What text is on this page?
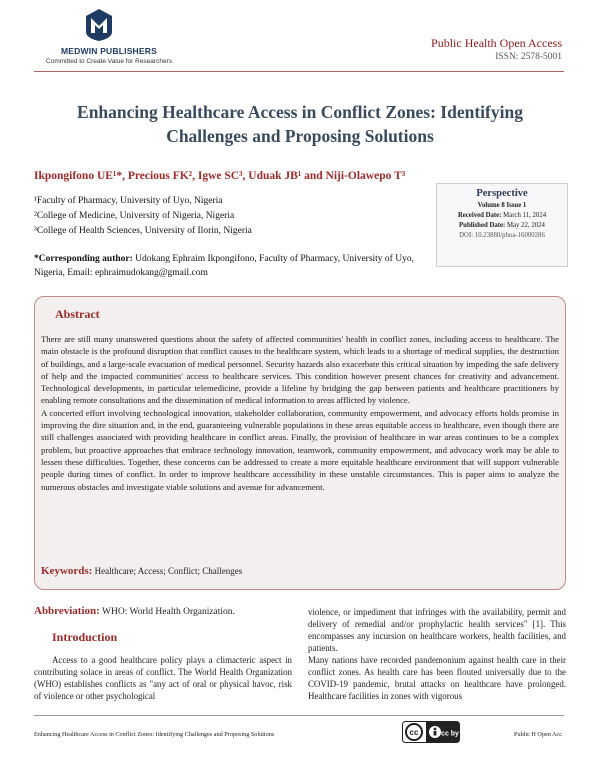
MEDWIN PUBLISHERS
Committed to Create Value for Researchers
Public Health Open Access
ISSN: 2578-5001
Enhancing Healthcare Access in Conflict Zones: Identifying
Challenges and Proposing Solutions
Ikpongifono UE¹*, Precious FK², Igwe SC³, Uduak JB¹ and Niji-Olawepo T³
¹Faculty of Pharmacy, University of Uyo, Nigeria
²College of Medicine, University of Nigeria, Nigeria
³College of Health Sciences, University of Ilorin, Nigeria
*Corresponding author: Udokang Ephraim Ikpongifono, Faculty of Pharmacy, University of Uyo, Nigeria, Email: ephraimudokang@gmail.com
Perspective
Volume 8 Issue 1
Received Date: March 11, 2024
Published Date: May 22, 2024
DOI: 10.23880/phoa-16000286
Abstract

There are still many unanswered questions about the safety of affected communities' health in conflict zones, including access to healthcare. The main obstacle is the profound disruption that conflict causes to the healthcare system, which leads to a shortage of medical supplies, the destruction of buildings, and a large-scale evacuation of medical personnel. Security hazards also exacerbate this critical situation by impeding the safe delivery of help and the impacted communities' access to healthcare services. This condition however present chances for creativity and advancement. Technological developments, in particular telemedicine, provide a lifeline by bridging the gap between patients and healthcare practitioners by enabling remote consultations and the dissemination of medical information to areas afflicted by violence.

A concerted effort involving technological innovation, stakeholder collaboration, community empowerment, and advocacy efforts holds promise in improving the dire situation and, in the end, guaranteeing vulnerable populations in these areas equitable access to healthcare, even though there are still challenges associated with providing healthcare in conflict areas. Finally, the provision of healthcare in war areas continues to be a complex problem, but proactive approaches that embrace technology innovation, teamwork, community empowerment, and advocacy work may be able to lessen these difficulties. Together, these concerns can be addressed to create a more equitable healthcare environment that will support vulnerable people during times of conflict. In order to improve healthcare accessibility in these unstable circumstances. This is paper aims to analyze the numerous obstacles and investigate viable solutions and avenue for advancement.

Keywords: Healthcare; Access; Conflict; Challenges
Abbreviation: WHO: World Health Organization.
Introduction

Access to a good healthcare policy plays a climacteric aspect in contributing solace in areas of conflict. The World Health Organization (WHO) establishes conflicts as "any act of oral or physical havoc, risk of violence or other psychological

violence, or impediment that infringes with the availability, permit and delivery of remedial and/or prophylactic health services" [1]. This encompasses any incursion on healthcare workers, health facilities, and patients.

Many nations have recorded pandemonium against health care in their conflict zones. As health care has been flouted universally due to the COVID-19 pandemic, brutal attacks on healthcare have prolonged. Healthcare facilities in zones with vigorous

Enhancing Healthcare Access in Conflict Zones: Identifying Challenges and Proposing Solutions	cc	cc by	Public H Open Acc
